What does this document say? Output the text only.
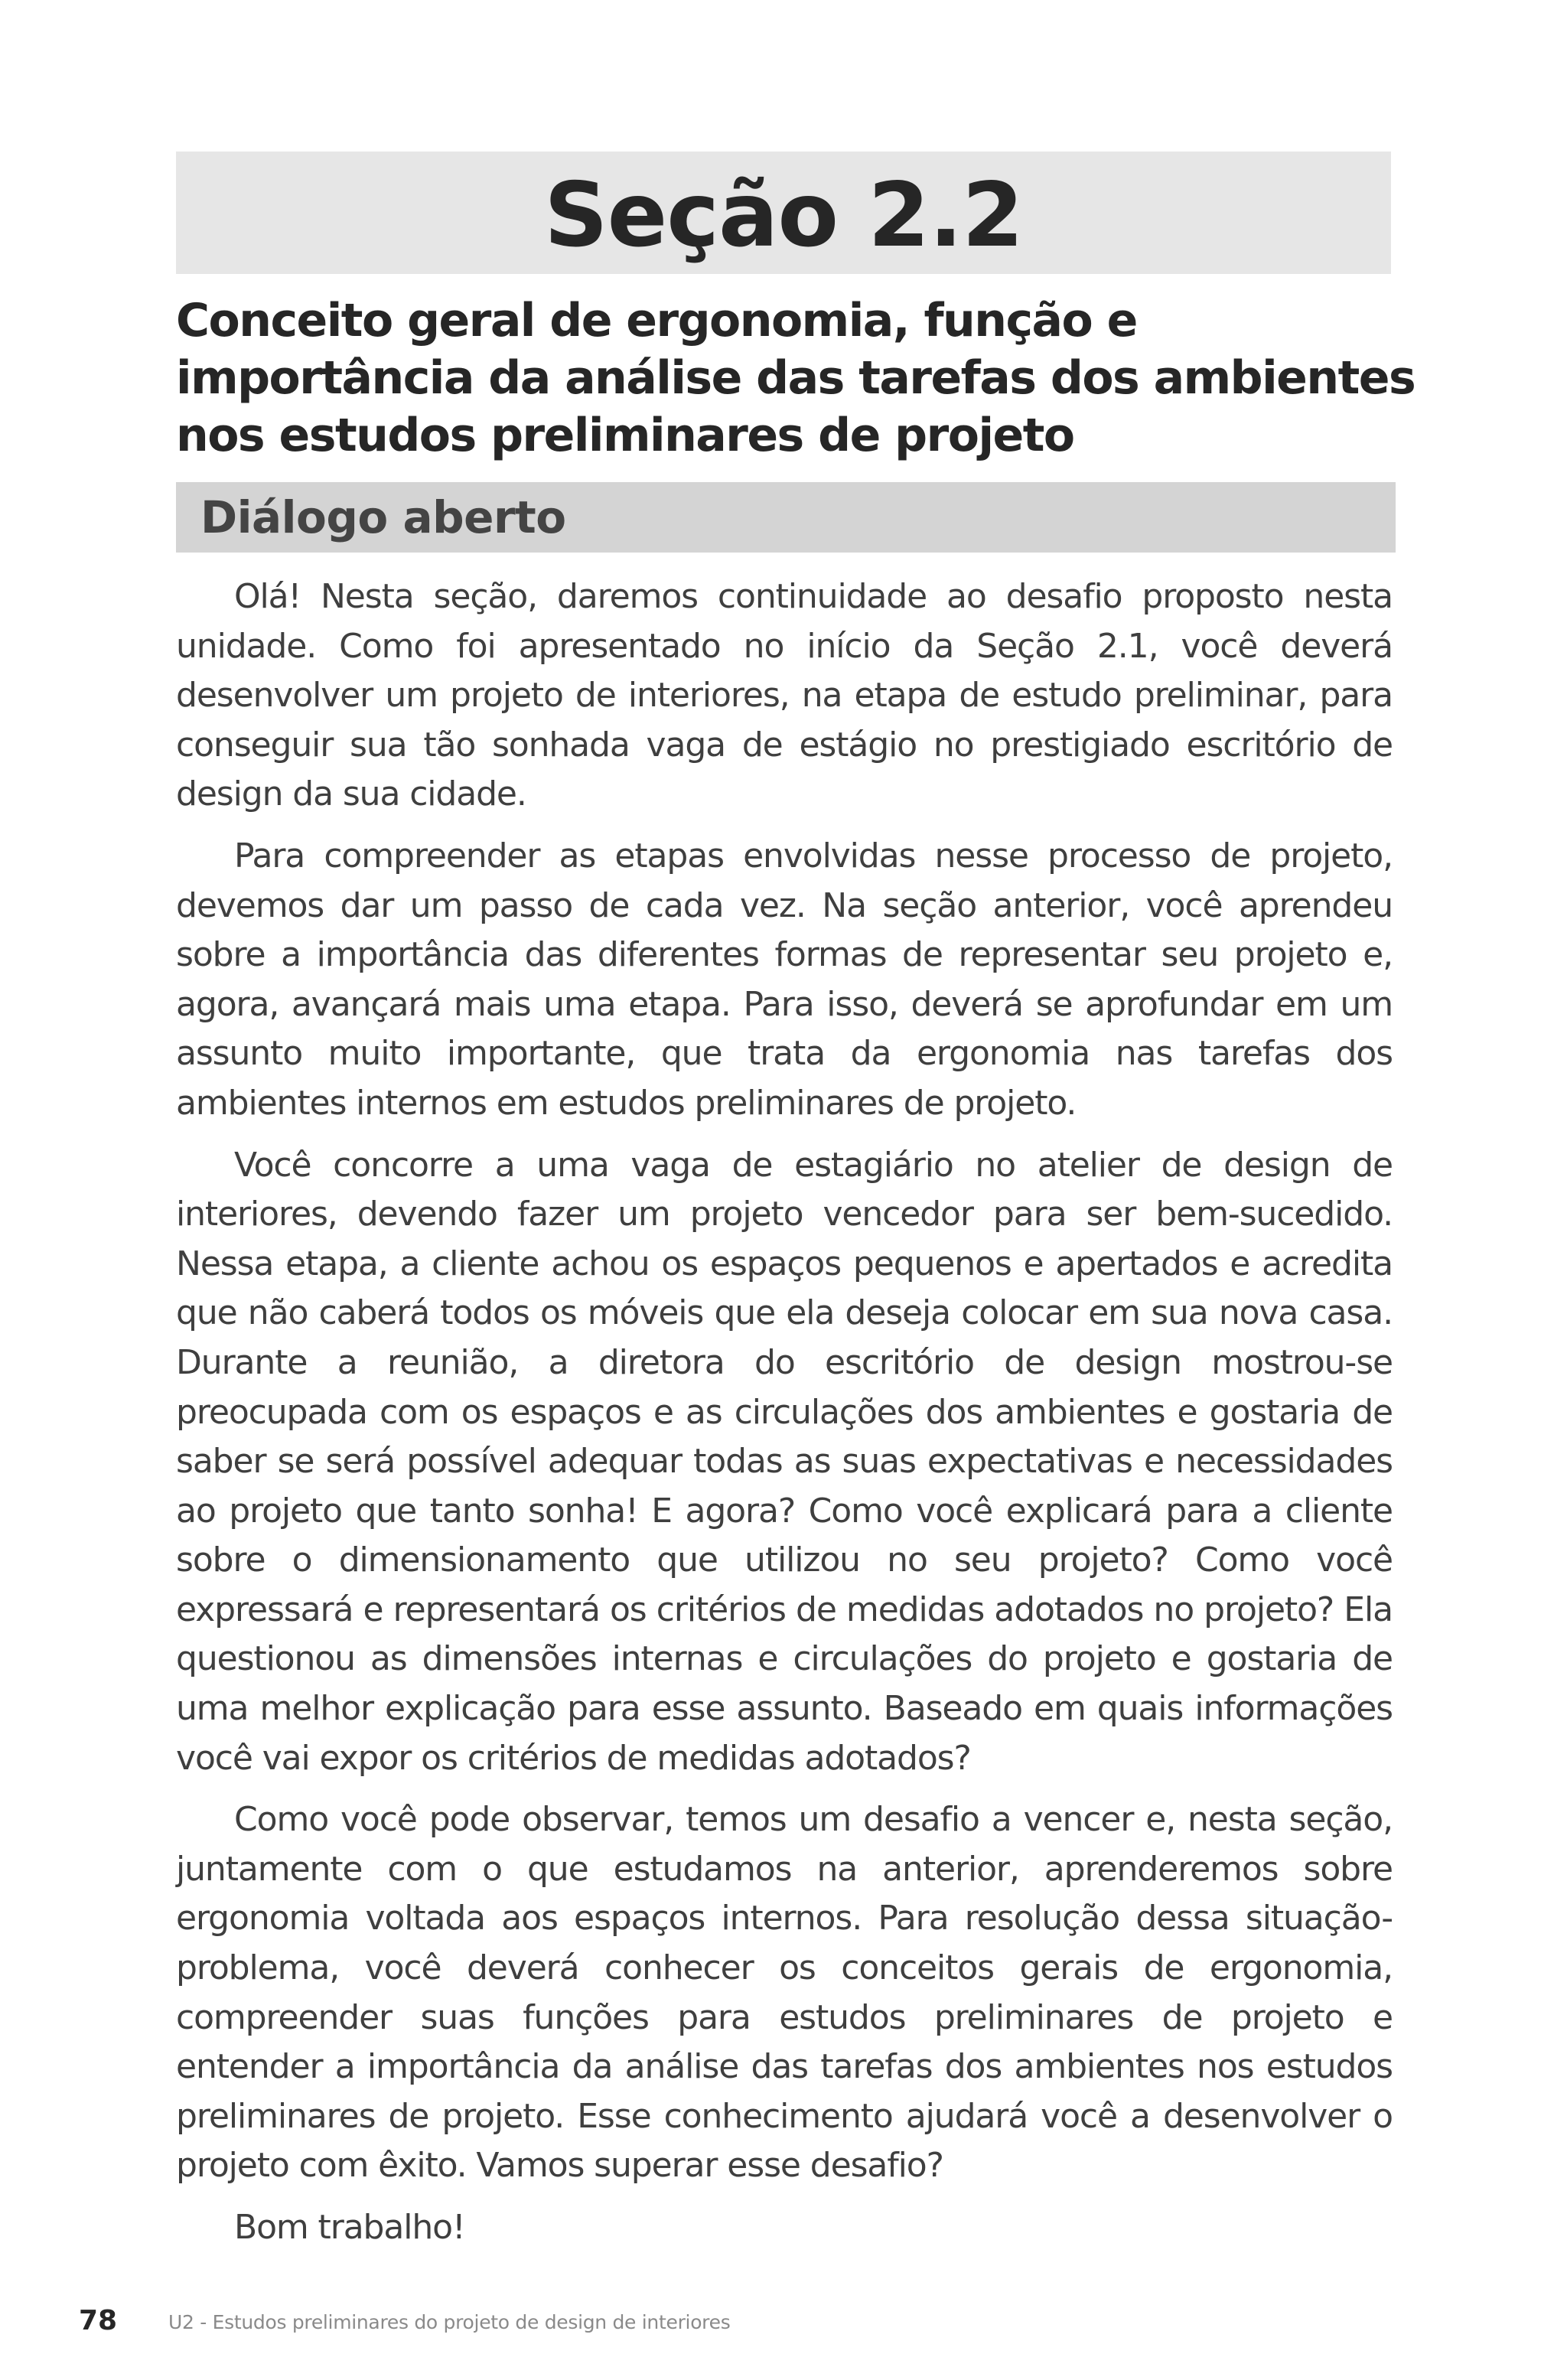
Seção 2.2
Conceito geral de ergonomia, função e
importância da análise das tarefas dos ambientes
nos estudos preliminares de projeto
Diálogo aberto

Olá! Nesta seção, daremos continuidade ao desafio proposto nesta unidade. Como foi apresentado no início da Seção 2.1, você deverá desenvolver um projeto de interiores, na etapa de estudo preliminar, para conseguir sua tão sonhada vaga de estágio no prestigiado escritório de design da sua cidade.

Para compreender as etapas envolvidas nesse processo de projeto, devemos dar um passo de cada vez. Na seção anterior, você aprendeu sobre a importância das diferentes formas de representar seu projeto e, agora, avançará mais uma etapa. Para isso, deverá se aprofundar em um assunto muito importante, que trata da ergonomia nas tarefas dos ambientes internos em estudos preliminares de projeto.

Você concorre a uma vaga de estagiário no atelier de design de interiores, devendo fazer um projeto vencedor para ser bem-sucedido. Nessa etapa, a cliente achou os espaços pequenos e apertados e acredita que não caberá todos os móveis que ela deseja colocar em sua nova casa. Durante a reunião, a diretora do escritório de design mostrou-se preocupada com os espaços e as circulações dos ambientes e gostaria de saber se será possível adequar todas as suas expectativas e necessidades ao projeto que tanto sonha! E agora? Como você explicará para a cliente sobre o dimensionamento que utilizou no seu projeto? Como você expressará e representará os critérios de medidas adotados no projeto? Ela questionou as dimensões internas e circulações do projeto e gostaria de uma melhor explicação para esse assunto. Baseado em quais informações você vai expor os critérios de medidas adotados?

Como você pode observar, temos um desafio a vencer e, nesta seção, juntamente com o que estudamos na anterior, aprenderemos sobre ergonomia voltada aos espaços internos. Para resolução dessa situação-problema, você deverá conhecer os conceitos gerais de ergonomia, compreender suas funções para estudos preliminares de projeto e entender a importância da análise das tarefas dos ambientes nos estudos preliminares de projeto. Esse conhecimento ajudará você a desenvolver o projeto com êxito. Vamos superar esse desafio?

Bom trabalho!

78	U2 - Estudos preliminares do projeto de design de interiores
